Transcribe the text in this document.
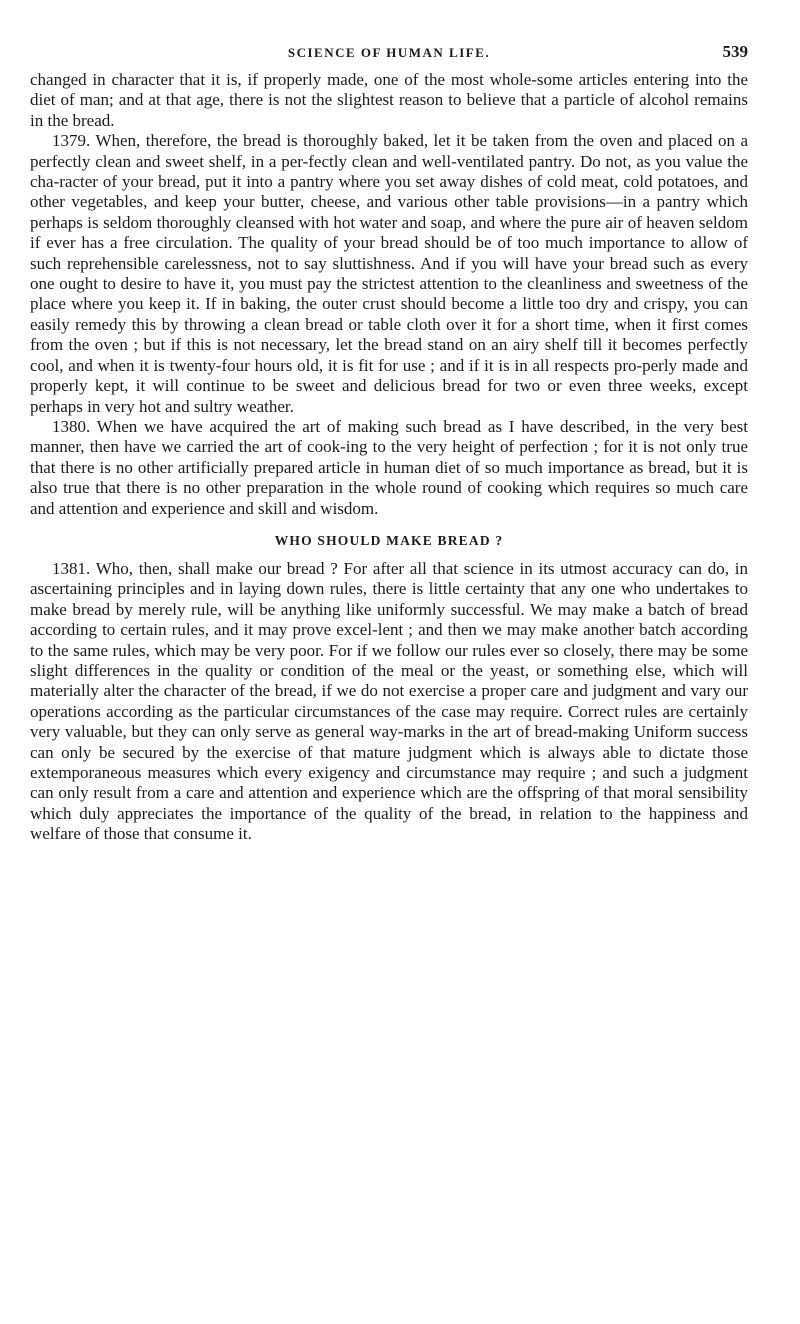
SCIENCE OF HUMAN LIFE.	539

changed in character that it is, if properly made, one of the most whole-some articles entering into the diet of man; and at that age, there is not the slightest reason to believe that a particle of alcohol remains in the bread.

1379. When, therefore, the bread is thoroughly baked, let it be taken from the oven and placed on a perfectly clean and sweet shelf, in a per-fectly clean and well-ventilated pantry. Do not, as you value the cha-racter of your bread, put it into a pantry where you set away dishes of cold meat, cold potatoes, and other vegetables, and keep your butter, cheese, and various other table provisions—in a pantry which perhaps is seldom thoroughly cleansed with hot water and soap, and where the pure air of heaven seldom if ever has a free circulation. The quality of your bread should be of too much importance to allow of such reprehensible carelessness, not to say sluttishness. And if you will have your bread such as every one ought to desire to have it, you must pay the strictest attention to the cleanliness and sweetness of the place where you keep it. If in baking, the outer crust should become a little too dry and crispy, you can easily remedy this by throwing a clean bread or table cloth over it for a short time, when it first comes from the oven ; but if this is not necessary, let the bread stand on an airy shelf till it becomes perfectly cool, and when it is twenty-four hours old, it is fit for use ; and if it is in all respects pro-perly made and properly kept, it will continue to be sweet and delicious bread for two or even three weeks, except perhaps in very hot and sultry weather.

1380. When we have acquired the art of making such bread as I have described, in the very best manner, then have we carried the art of cook-ing to the very height of perfection ; for it is not only true that there is no other artificially prepared article in human diet of so much importance as bread, but it is also true that there is no other preparation in the whole round of cooking which requires so much care and attention and experience and skill and wisdom.

WHO SHOULD MAKE BREAD ?

1381. Who, then, shall make our bread ? For after all that science in its utmost accuracy can do, in ascertaining principles and in laying down rules, there is little certainty that any one who undertakes to make bread by merely rule, will be anything like uniformly successful. We may make a batch of bread according to certain rules, and it may prove excel-lent ; and then we may make another batch according to the same rules, which may be very poor. For if we follow our rules ever so closely, there may be some slight differences in the quality or condition of the meal or the yeast, or something else, which will materially alter the character of the bread, if we do not exercise a proper care and judgment and vary our operations according as the particular circumstances of the case may require. Correct rules are certainly very valuable, but they can only serve as general way-marks in the art of bread-making Uniform success can only be secured by the exercise of that mature judgment which is always able to dictate those extemporaneous measures which every exigency and circumstance may require ; and such a judgment can only result from a care and attention and experience which are the offspring of that moral sensibility which duly appreciates the importance of the quality of the bread, in relation to the happiness and welfare of those that consume it.
